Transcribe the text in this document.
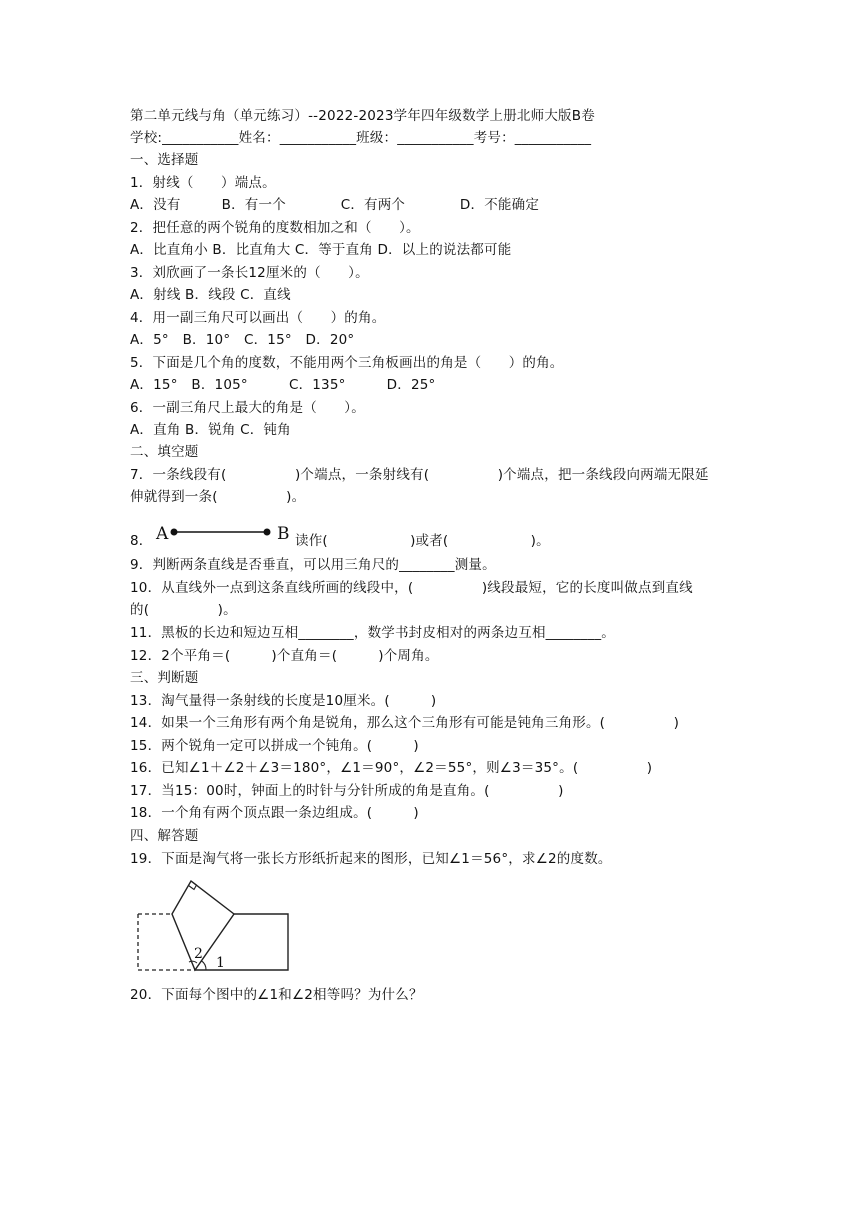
第二单元线与角（单元练习）--2022-2023学年四年级数学上册北师大版B卷
学校:___________姓名：___________班级：___________考号：___________
一、选择题
1．射线（　　）端点。
A．没有　　　B．有一个　　　　C．有两个　　　　D．不能确定
2．把任意的两个锐角的度数相加之和（　　）。
A．比直角小 B．比直角大 C．等于直角 D．以上的说法都可能
3．刘欣画了一条长12厘米的（　　）。
A．射线 B．线段 C．直线
4．用一副三角尺可以画出（　　）的角。
A．5°　B．10°　C．15°　D．20°
5．下面是几个角的度数，不能用两个三角板画出的角是（　　）的角。
A．15°　B．105°　　　C．135°　　　D．25°
6．一副三角尺上最大的角是（　　）。
A．直角 B．锐角 C．钝角
二、填空题
7．一条线段有(　　　　　)个端点，一条射线有(　　　　　)个端点，把一条线段向两端无限延
伸就得到一条(　　　　　)。
8． A	B 读作(　　　　　　)或者(　　　　　　)。
9．判断两条直线是否垂直，可以用三角尺的________测量。
10．从直线外一点到这条直线所画的线段中，(　　　　　)线段最短，它的长度叫做点到直线
的(　　　　　)。
11．黑板的长边和短边互相________，数学书封皮相对的两条边互相________。
12．2个平角＝(　　　)个直角＝(　　　)个周角。
三、判断题
13．淘气量得一条射线的长度是10厘米。(　　　)
14．如果一个三角形有两个角是锐角，那么这个三角形有可能是钝角三角形。(　　　　　)
15．两个锐角一定可以拼成一个钝角。(　　　)
16．已知∠1＋∠2＋∠3＝180°，∠1＝90°，∠2＝55°，则∠3＝35°。(　　　　　)
17．当15：00时，钟面上的时针与分针所成的角是直角。(　　　　　)
18．一个角有两个顶点跟一条边组成。(　　　)
四、解答题
19．下面是淘气将一张长方形纸折起来的图形，已知∠1＝56°，求∠2的度数。
2
1
20．下面每个图中的∠1和∠2相等吗？为什么？
